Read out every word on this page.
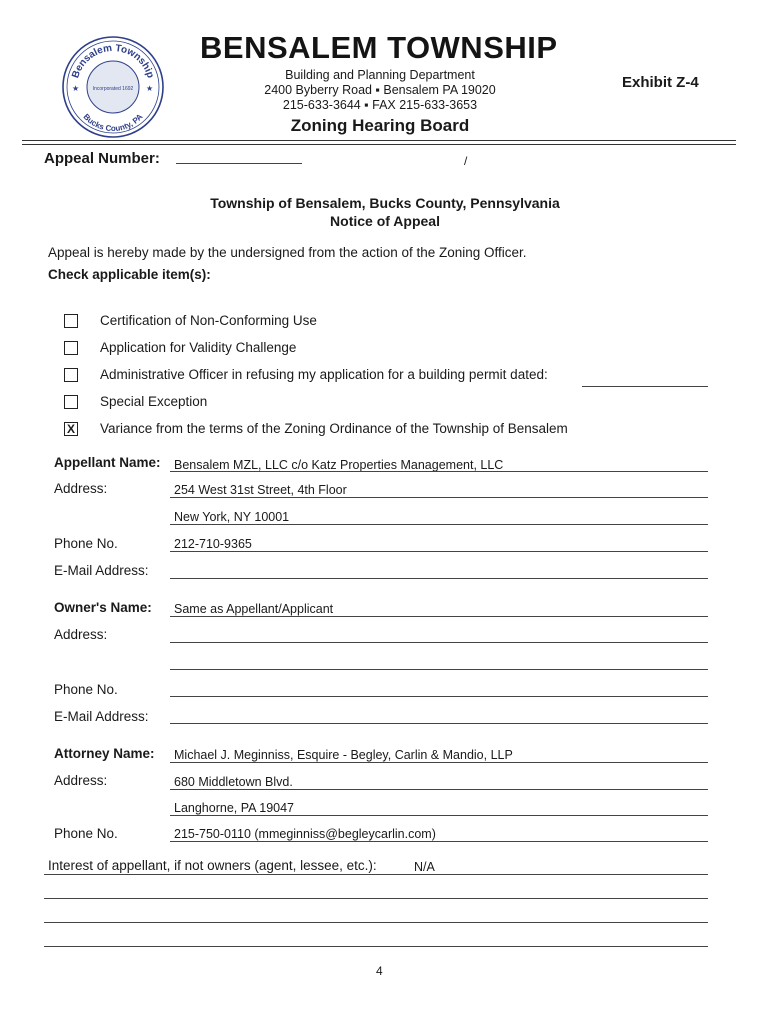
Bensalem Township
Bucks County, PA
Incorporated 1692
★	★
BENSALEM TOWNSHIP
Building and Planning Department
2400 Byberry Road ▪ Bensalem PA 19020
215-633-3644 ▪ FAX 215-633-3653
Exhibit Z-4
Zoning Hearing Board
Appeal Number:	/
Township of Bensalem, Bucks County, Pennsylvania
Notice of Appeal
Appeal is hereby made by the undersigned from the action of the Zoning Officer.
Check applicable item(s):
Certification of Non-Conforming Use
Application for Validity Challenge
Administrative Officer in refusing my application for a building permit dated:
Special Exception
X Variance from the terms of the Zoning Ordinance of the Township of Bensalem
Appellant Name: Bensalem MZL, LLC c/o Katz Properties Management, LLC
Address:	254 West 31st Street, 4th Floor
New York, NY 10001
Phone No.	212-710-9365
E-Mail Address:
Owner's Name: Same as Appellant/Applicant
Address:
Phone No.
E-Mail Address:
Attorney Name: Michael J. Meginniss, Esquire - Begley, Carlin & Mandio, LLP
Address:	680 Middletown Blvd.
Langhorne, PA 19047
Phone No.	215-750-0110 (mmeginniss@begleycarlin.com)
Interest of appellant, if not owners (agent, lessee, etc.):	N/A
4
